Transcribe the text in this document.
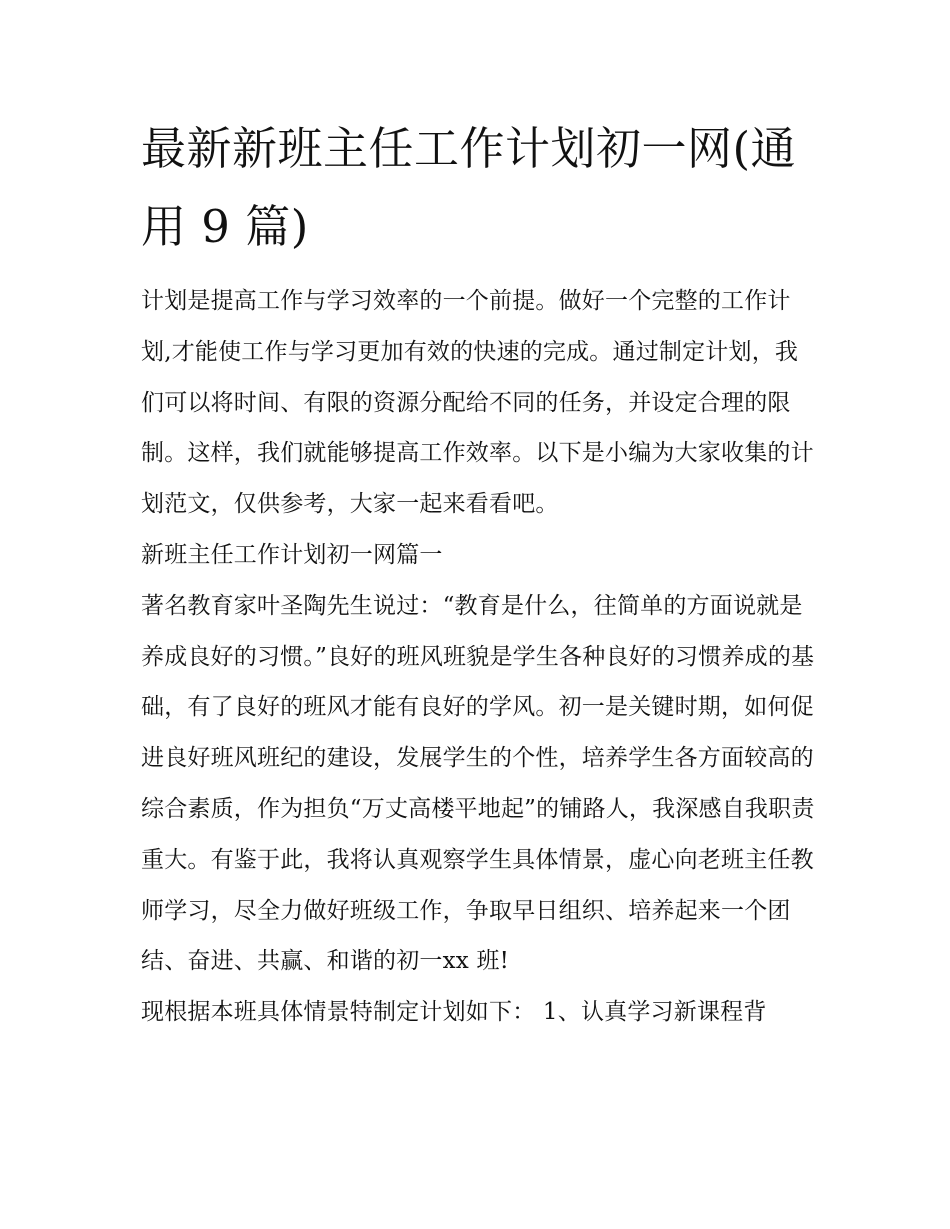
最新新班主任工作计划初一网(通用 9 篇)

计划是提高工作与学习效率的一个前提。做好一个完整的工作计划,才能使工作与学习更加有效的快速的完成。通过制定计划，我们可以将时间、有限的资源分配给不同的任务，并设定合理的限制。这样，我们就能够提高工作效率。以下是小编为大家收集的计划范文，仅供参考，大家一起来看看吧。

新班主任工作计划初一网篇一

著名教育家叶圣陶先生说过：“教育是什么，往简单的方面说就是养成良好的习惯。”良好的班风班貌是学生各种良好的习惯养成的基础，有了良好的班风才能有良好的学风。初一是关键时期，如何促进良好班风班纪的建设，发展学生的个性，培养学生各方面较高的综合素质，作为担负“万丈高楼平地起”的铺路人，我深感自我职责重大。有鉴于此，我将认真观察学生具体情景，虚心向老班主任教师学习，尽全力做好班级工作，争取早日组织、培养起来一个团结、奋进、共赢、和谐的初一xx 班!

现根据本班具体情景特制定计划如下： 1、认真学习新课程背
